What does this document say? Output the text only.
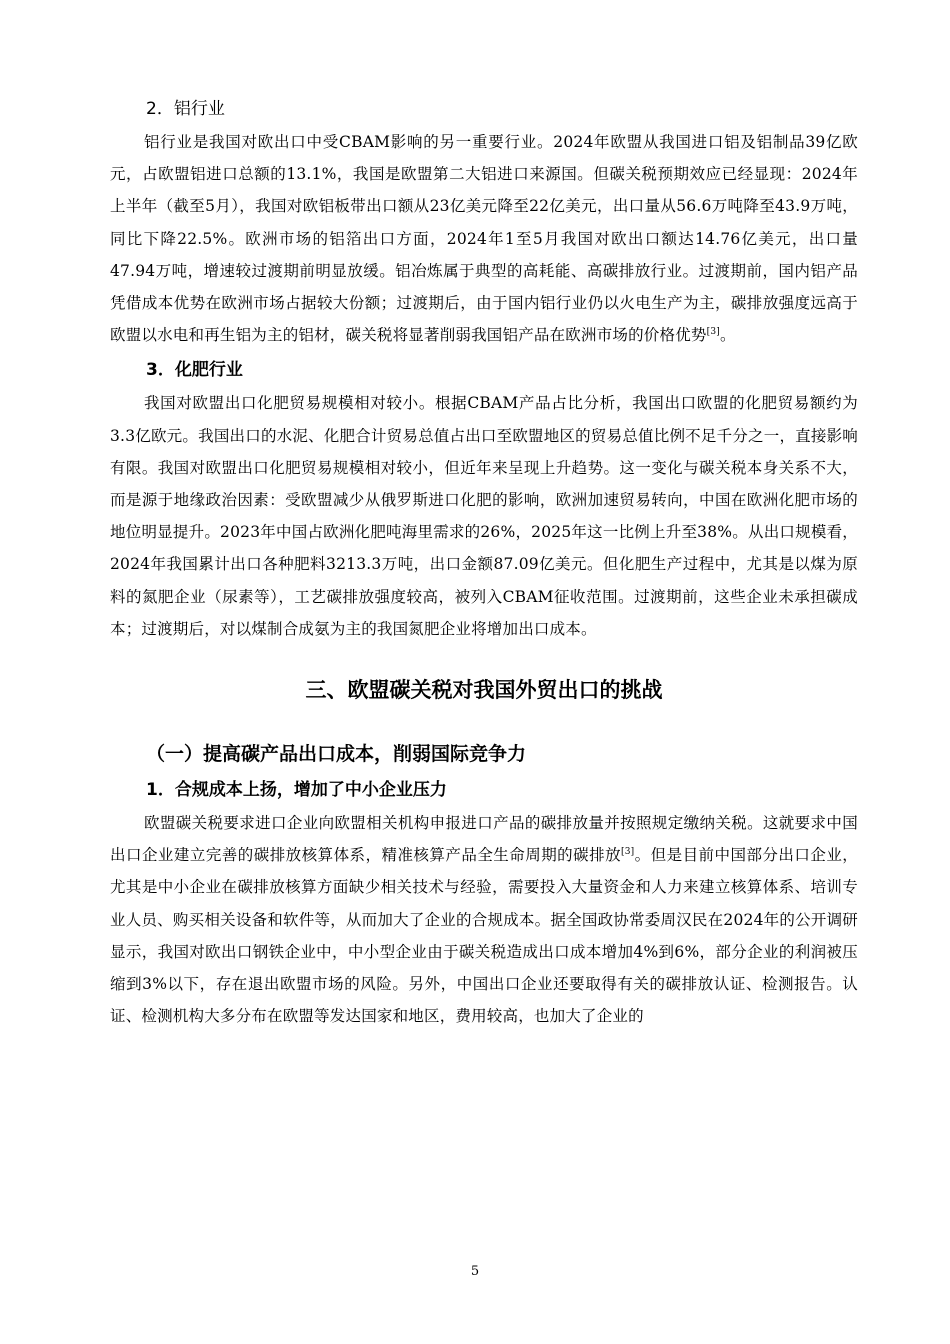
2．铝行业

铝行业是我国对欧出口中受CBAM影响的另一重要行业。2024年欧盟从我国进口铝及铝制品39亿欧元，占欧盟铝进口总额的13.1%，我国是欧盟第二大铝进口来源国。但碳关税预期效应已经显现：2024年上半年（截至5月），我国对欧铝板带出口额从23亿美元降至22亿美元，出口量从56.6万吨降至43.9万吨，同比下降22.5%。欧洲市场的铝箔出口方面，2024年1至5月我国对欧出口额达14.76亿美元，出口量47.94万吨，增速较过渡期前明显放缓。铝冶炼属于典型的高耗能、高碳排放行业。过渡期前，国内铝产品凭借成本优势在欧洲市场占据较大份额；过渡期后，由于国内铝行业仍以火电生产为主，碳排放强度远高于欧盟以水电和再生铝为主的铝材，碳关税将显著削弱我国铝产品在欧洲市场的价格优势[3]。

3．化肥行业

我国对欧盟出口化肥贸易规模相对较小。根据CBAM产品占比分析，我国出口欧盟的化肥贸易额约为3.3亿欧元。我国出口的水泥、化肥合计贸易总值占出口至欧盟地区的贸易总值比例不足千分之一，直接影响有限。我国对欧盟出口化肥贸易规模相对较小，但近年来呈现上升趋势。这一变化与碳关税本身关系不大，而是源于地缘政治因素：受欧盟减少从俄罗斯进口化肥的影响，欧洲加速贸易转向，中国在欧洲化肥市场的地位明显提升。2023年中国占欧洲化肥吨海里需求的26%，2025年这一比例上升至38%。从出口规模看，2024年我国累计出口各种肥料3213.3万吨，出口金额87.09亿美元。但化肥生产过程中，尤其是以煤为原料的氮肥企业（尿素等），工艺碳排放强度较高，被列入CBAM征收范围。过渡期前，这些企业未承担碳成本；过渡期后，对以煤制合成氨为主的我国氮肥企业将增加出口成本。

三、欧盟碳关税对我国外贸出口的挑战
（一）提高碳产品出口成本，削弱国际竞争力
1．合规成本上扬，增加了中小企业压力

欧盟碳关税要求进口企业向欧盟相关机构申报进口产品的碳排放量并按照规定缴纳关税。这就要求中国出口企业建立完善的碳排放核算体系，精准核算产品全生命周期的碳排放[3]。但是目前中国部分出口企业，尤其是中小企业在碳排放核算方面缺少相关技术与经验，需要投入大量资金和人力来建立核算体系、培训专业人员、购买相关设备和软件等，从而加大了企业的合规成本。据全国政协常委周汉民在2024年的公开调研显示，我国对欧出口钢铁企业中，中小型企业由于碳关税造成出口成本增加4%到6%，部分企业的利润被压缩到3%以下，存在退出欧盟市场的风险。另外，中国出口企业还要取得有关的碳排放认证、检测报告。认证、检测机构大多分布在欧盟等发达国家和地区，费用较高，也加大了企业的

5
